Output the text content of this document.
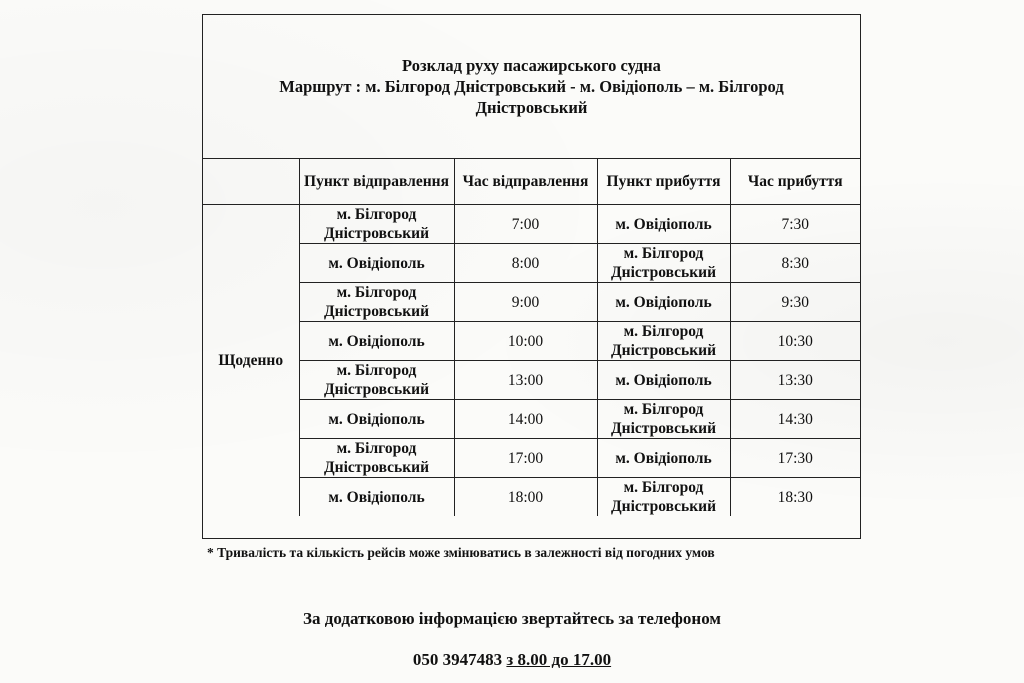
Розклад руху пасажирського судна
Маршрут : м. Білгород Дністровський - м. Овідіополь – м. Білгород Дністровський
	Пункт відправлення	Час відправлення	Пункт прибуття	Час прибуття
Щоденно	м. Білгород Дністровський	7:00	м. Овідіополь	7:30
	м. Овідіополь	8:00	м. Білгород Дністровський	8:30
	м. Білгород Дністровський	9:00	м. Овідіополь	9:30
	м. Овідіополь	10:00	м. Білгород Дністровський	10:30
	м. Білгород Дністровський	13:00	м. Овідіополь	13:30
	м. Овідіополь	14:00	м. Білгород Дністровський	14:30
	м. Білгород Дністровський	17:00	м. Овідіополь	17:30
	м. Овідіополь	18:00	м. Білгород Дністровський	18:30
* Тривалість та кількість рейсів може змінюватись в залежності від погодних умов
За додатковою інформацією звертайтесь за телефоном
050 3947483 з 8.00 до 17.00
